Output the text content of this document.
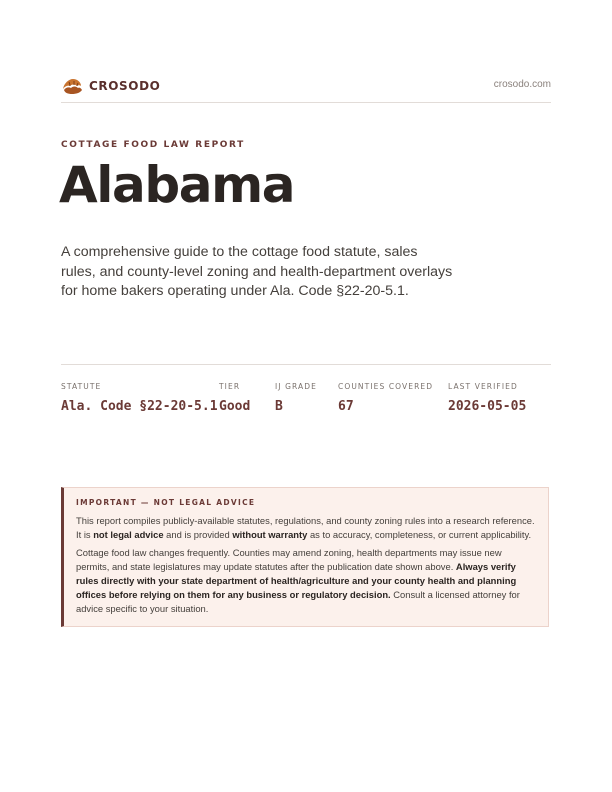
CROSODO	crosodo.com
COTTAGE FOOD LAW REPORT
Alabama

A comprehensive guide to the cottage food statute, sales rules, and county-level zoning and health-department overlays for home bakers operating under Ala. Code §22-20-5.1.

STATUTE
Ala. Code §22-20-5.1
TIER
Good
IJ GRADE
B
COUNTIES COVERED
67
LAST VERIFIED
2026-05-05
IMPORTANT — NOT LEGAL ADVICE

This report compiles publicly-available statutes, regulations, and county zoning rules into a research reference. It is not legal advice and is provided without warranty as to accuracy, completeness, or current applicability.

Cottage food law changes frequently. Counties may amend zoning, health departments may issue new permits, and state legislatures may update statutes after the publication date shown above. Always verify rules directly with your state department of health/agriculture and your county health and planning offices before relying on them for any business or regulatory decision. Consult a licensed attorney for advice specific to your situation.
